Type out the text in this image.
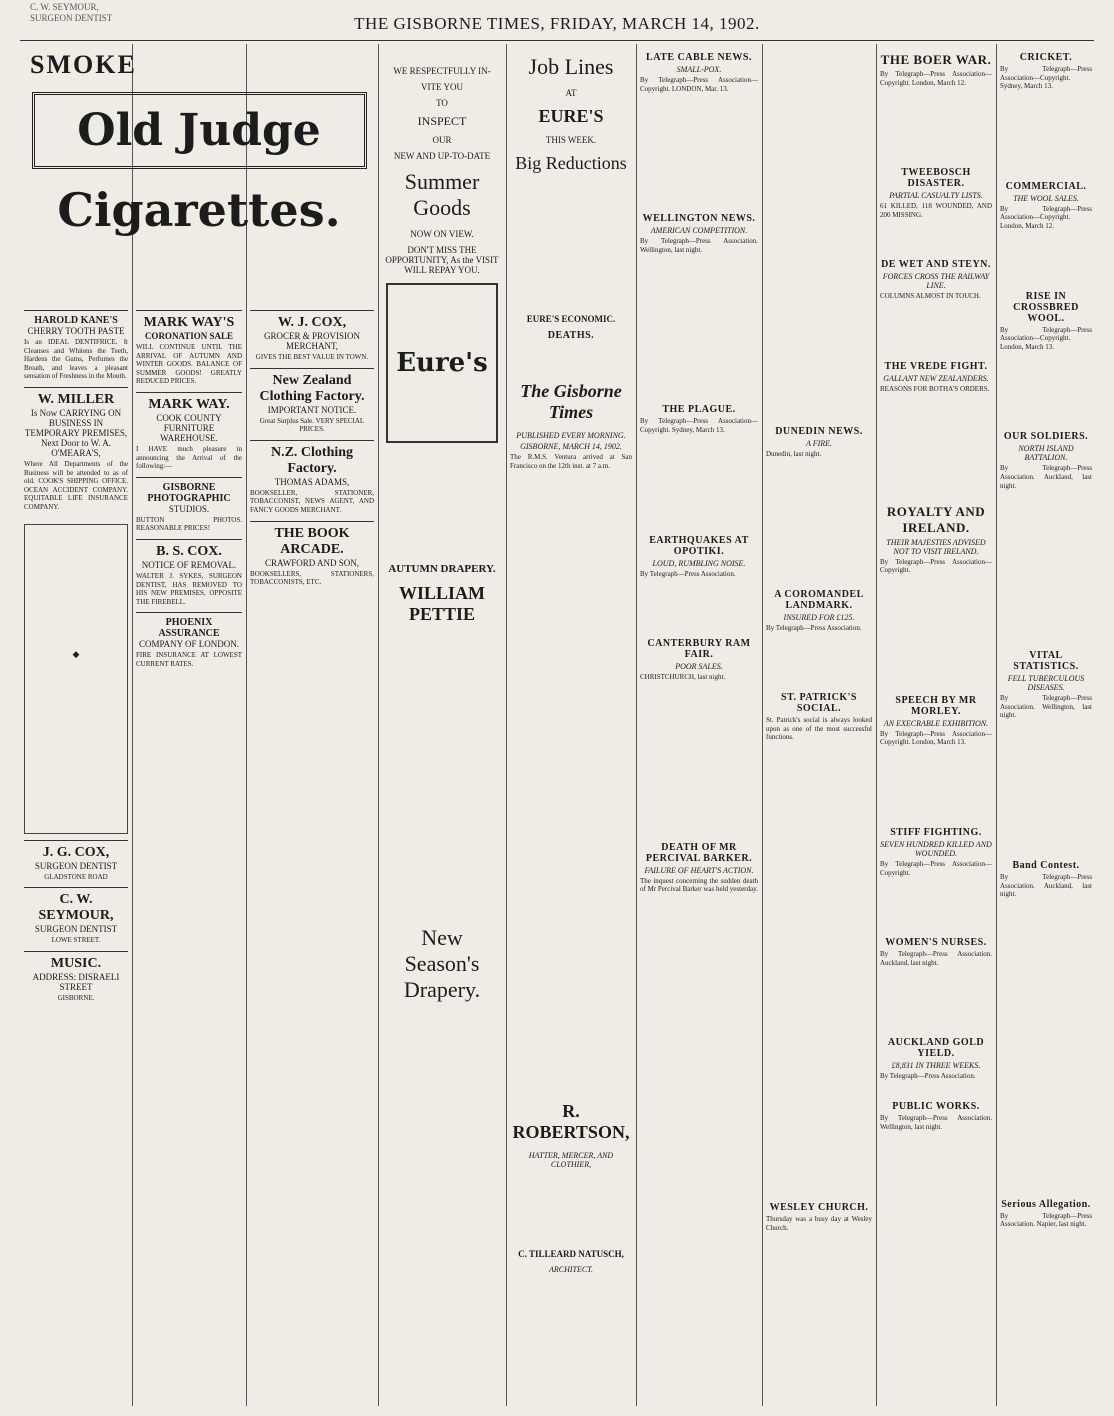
C. W. SEYMOUR,
SURGEON DENTIST	THE GISBORNE TIMES, FRIDAY, MARCH 14, 1902.
SMOKE
Old Judge
Cigarettes.
HAROLD KANE'S
CHERRY TOOTH PASTE
Is an IDEAL DENTIFRICE. It Cleanses and Whitens the Teeth, Hardens the Gums, Perfumes the Breath, and leaves a pleasant sensation of Freshness in the Mouth.
W. MILLER
Is Now CARRYING ON BUSINESS IN TEMPORARY PREMISES, Next Door to W. A. O'MEARA'S,
Where All Departments of the Business will be attended to as of old. COOK'S SHIPPING OFFICE. OCEAN ACCIDENT COMPANY. EQUITABLE LIFE INSURANCE COMPANY.
◆
J. G. COX,
SURGEON DENTIST
GLADSTONE ROAD
C. W. SEYMOUR,
SURGEON DENTIST
LOWE STREET.
MUSIC.
ADDRESS: DISRAELI STREET
GISBORNE.
MARK WAY'S
CORONATION SALE
WILL CONTINUE UNTIL THE ARRIVAL OF AUTUMN AND WINTER GOODS. BALANCE OF SUMMER GOODS! GREATLY REDUCED PRICES.
MARK WAY.
COOK COUNTY FURNITURE WAREHOUSE.
I HAVE much pleasure in announcing the Arrival of the following:—
GISBORNE PHOTOGRAPHIC
STUDIOS.
BUTTON PHOTOS. REASONABLE PRICES!
B. S. COX.
NOTICE OF REMOVAL.
WALTER J. SYKES, SURGEON DENTIST, HAS REMOVED TO HIS NEW PREMISES, OPPOSITE THE FIREBELL.
PHOENIX ASSURANCE
COMPANY OF LONDON.
FIRE INSURANCE AT LOWEST CURRENT RATES.
W. J. COX,
GROCER & PROVISION MERCHANT,
GIVES THE BEST VALUE IN TOWN.
New Zealand Clothing Factory.
IMPORTANT NOTICE.
Great Surplus Sale. VERY SPECIAL PRICES.
N.Z. Clothing Factory.
THOMAS ADAMS,
BOOKSELLER, STATIONER, TOBACCONIST, NEWS AGENT, AND FANCY GOODS MERCHANT.
THE BOOK ARCADE.
CRAWFORD AND SON,
BOOKSELLERS, STATIONERS, TOBACCONISTS, ETC.
WE RESPECTFULLY IN-
VITE YOU
TO
INSPECT
OUR
NEW AND UP-TO-DATE
Summer Goods
NOW ON VIEW.
DON'T MISS THE OPPORTUNITY, As the VISIT WILL REPAY YOU.
Eure's
AUTUMN DRAPERY.
WILLIAM PETTIE
New Season's Drapery.
Job Lines
AT
EURE'S
THIS WEEK.
Big Reductions
EURE'S ECONOMIC.
DEATHS.
The Gisborne Times
PUBLISHED EVERY MORNING.
GISBORNE, MARCH 14, 1902.
The R.M.S. Ventura arrived at San Francisco on the 12th inst. at 7 a.m.
R. ROBERTSON,
HATTER, MERCER, AND CLOTHIER,
C. TILLEARD NATUSCH,
ARCHITECT.
LATE CABLE NEWS.
SMALL-POX.
By Telegraph—Press Association—Copyright. LONDON, Mar. 13.
WELLINGTON NEWS.
AMERICAN COMPETITION.
By Telegraph—Press Association. Wellington, last night.
THE PLAGUE.
By Telegraph—Press Association—Copyright. Sydney, March 13.
EARTHQUAKES AT OPOTIKI.
LOUD, RUMBLING NOISE.
By Telegraph—Press Association.
CANTERBURY RAM FAIR.
POOR SALES.
CHRISTCHURCH, last night.
DEATH OF MR PERCIVAL BARKER.
FAILURE OF HEART'S ACTION.
The inquest concerning the sudden death of Mr Percival Barker was held yesterday.
DUNEDIN NEWS.
A FIRE.
Dunedin, last night.
A COROMANDEL LANDMARK.
INSURED FOR £125.
By Telegraph—Press Association.
ST. PATRICK'S SOCIAL.
St. Patrick's social is always looked upon as one of the most successful functions.
WESLEY CHURCH.
Thursday was a busy day at Wesley Church.
THE BOER WAR.
By Telegraph—Press Association—Copyright. London, March 12.
TWEEBOSCH DISASTER.
PARTIAL CASUALTY LISTS.
61 KILLED, 118 WOUNDED, AND 200 MISSING.
DE WET AND STEYN.
FORCES CROSS THE RAILWAY LINE.
COLUMNS ALMOST IN TOUCH.
THE VREDE FIGHT.
GALLANT NEW ZEALANDERS.
REASONS FOR BOTHA'S ORDERS.
ROYALTY AND IRELAND.
THEIR MAJESTIES ADVISED NOT TO VISIT IRELAND.
By Telegraph—Press Association—Copyright.
SPEECH BY MR MORLEY.
AN EXECRABLE EXHIBITION.
By Telegraph—Press Association—Copyright. London, March 13.
STIFF FIGHTING.
SEVEN HUNDRED KILLED AND WOUNDED.
By Telegraph—Press Association—Copyright.
WOMEN'S NURSES.
By Telegraph—Press Association. Auckland, last night.
AUCKLAND GOLD YIELD.
£8,831 IN THREE WEEKS.
By Telegraph—Press Association.
PUBLIC WORKS.
By Telegraph—Press Association. Wellington, last night.
CRICKET.
By Telegraph—Press Association—Copyright. Sydney, March 13.
COMMERCIAL.
THE WOOL SALES.
By Telegraph—Press Association—Copyright. London, March 12.
RISE IN CROSSBRED WOOL.
By Telegraph—Press Association—Copyright. London, March 13.
OUR SOLDIERS.
NORTH ISLAND BATTALION.
By Telegraph—Press Association. Auckland, last night.
VITAL STATISTICS.
FELL TUBERCULOUS DISEASES.
By Telegraph—Press Association. Wellington, last night.
Band Contest.
By Telegraph—Press Association. Auckland, last night.
Serious Allegation.
By Telegraph—Press Association. Napier, last night.
